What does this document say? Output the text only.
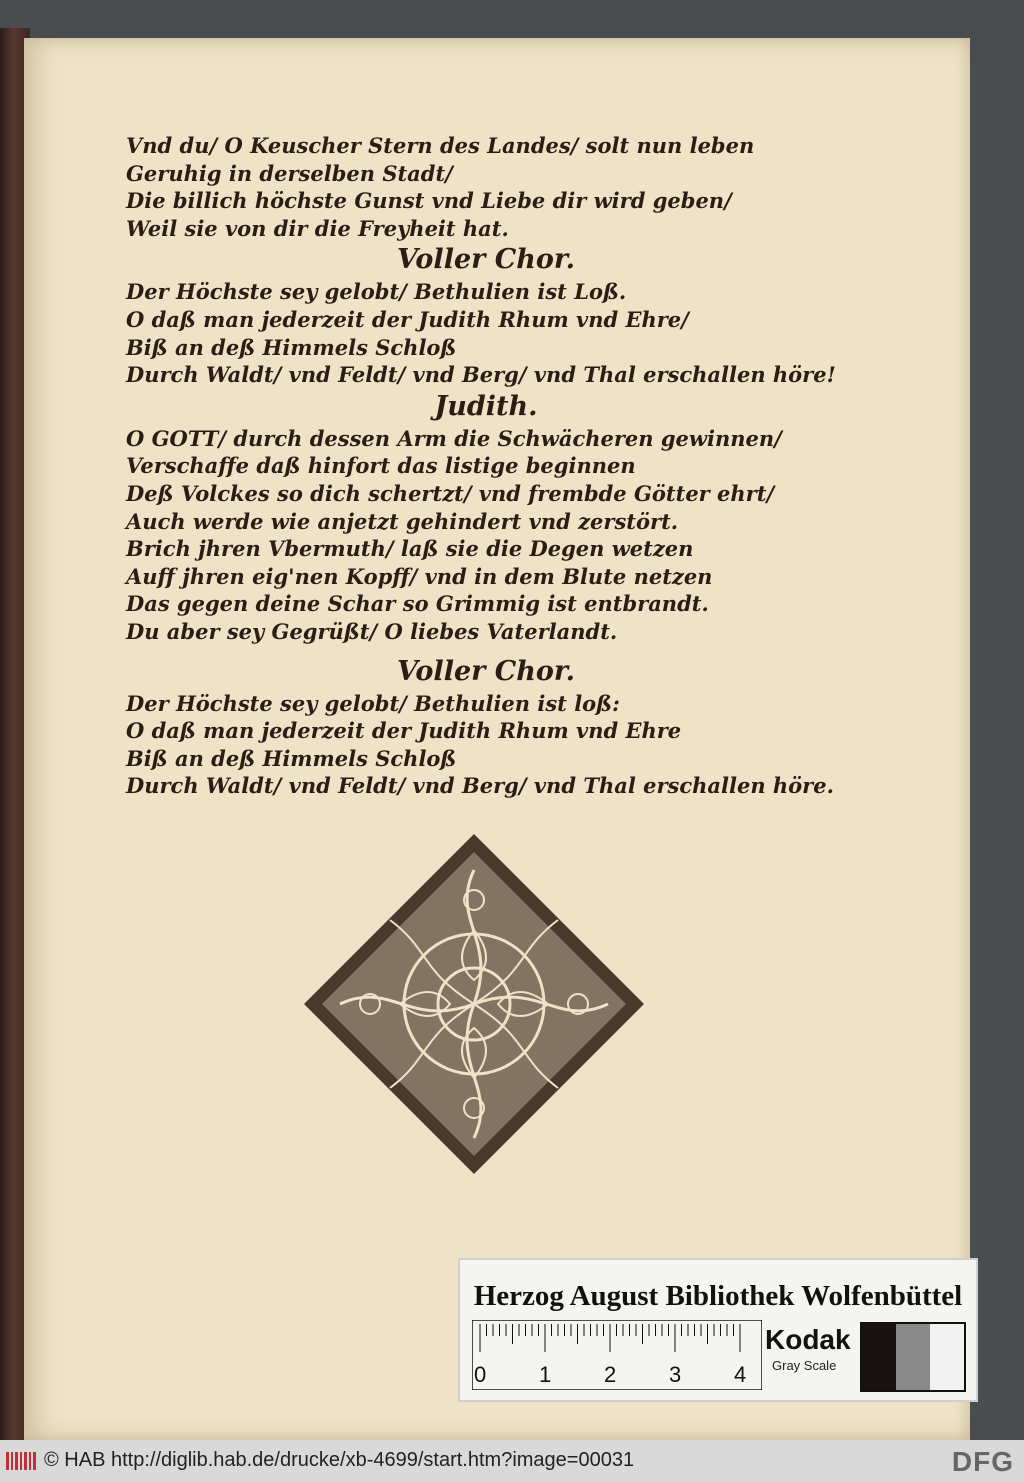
Vnd du/ O Keuscher Stern des Landes/ solt nun leben
Geruhig in derselben Stadt/
Die billich höchste Gunst vnd Liebe dir wird geben/
Weil sie von dir die Freyheit hat.
Voller Chor.
Der Höchste sey gelobt/ Bethulien ist Loß.
O daß man jederzeit der Judith Rhum vnd Ehre/
Biß an deß Himmels Schloß
Durch Waldt/ vnd Feldt/ vnd Berg/ vnd Thal erschallen höre!
Judith.
O GOTT/ durch dessen Arm die Schwächeren gewinnen/
Verschaffe daß hinfort das listige beginnen
Deß Volckes so dich schertzt/ vnd frembde Götter ehrt/
Auch werde wie anjetzt gehindert vnd zerstört.
Brich jhren Vbermuth/ laß sie die Degen wetzen
Auff jhren eig'nen Kopff/ vnd in dem Blute netzen
Das gegen deine Schar so Grimmig ist entbrandt.
Du aber sey Gegrüßt/ O liebes Vaterlandt.
Voller Chor.
Der Höchste sey gelobt/ Bethulien ist loß:
O daß man jederzeit der Judith Rhum vnd Ehre
Biß an deß Himmels Schloß
Durch Waldt/ vnd Feldt/ vnd Berg/ vnd Thal erschallen höre.
Herzog August Bibliothek Wolfenbüttel
0 1 2 3 4
Kodak
Gray Scale
© HAB http://diglib.hab.de/drucke/xb-4699/start.htm?image=00031	DFG
